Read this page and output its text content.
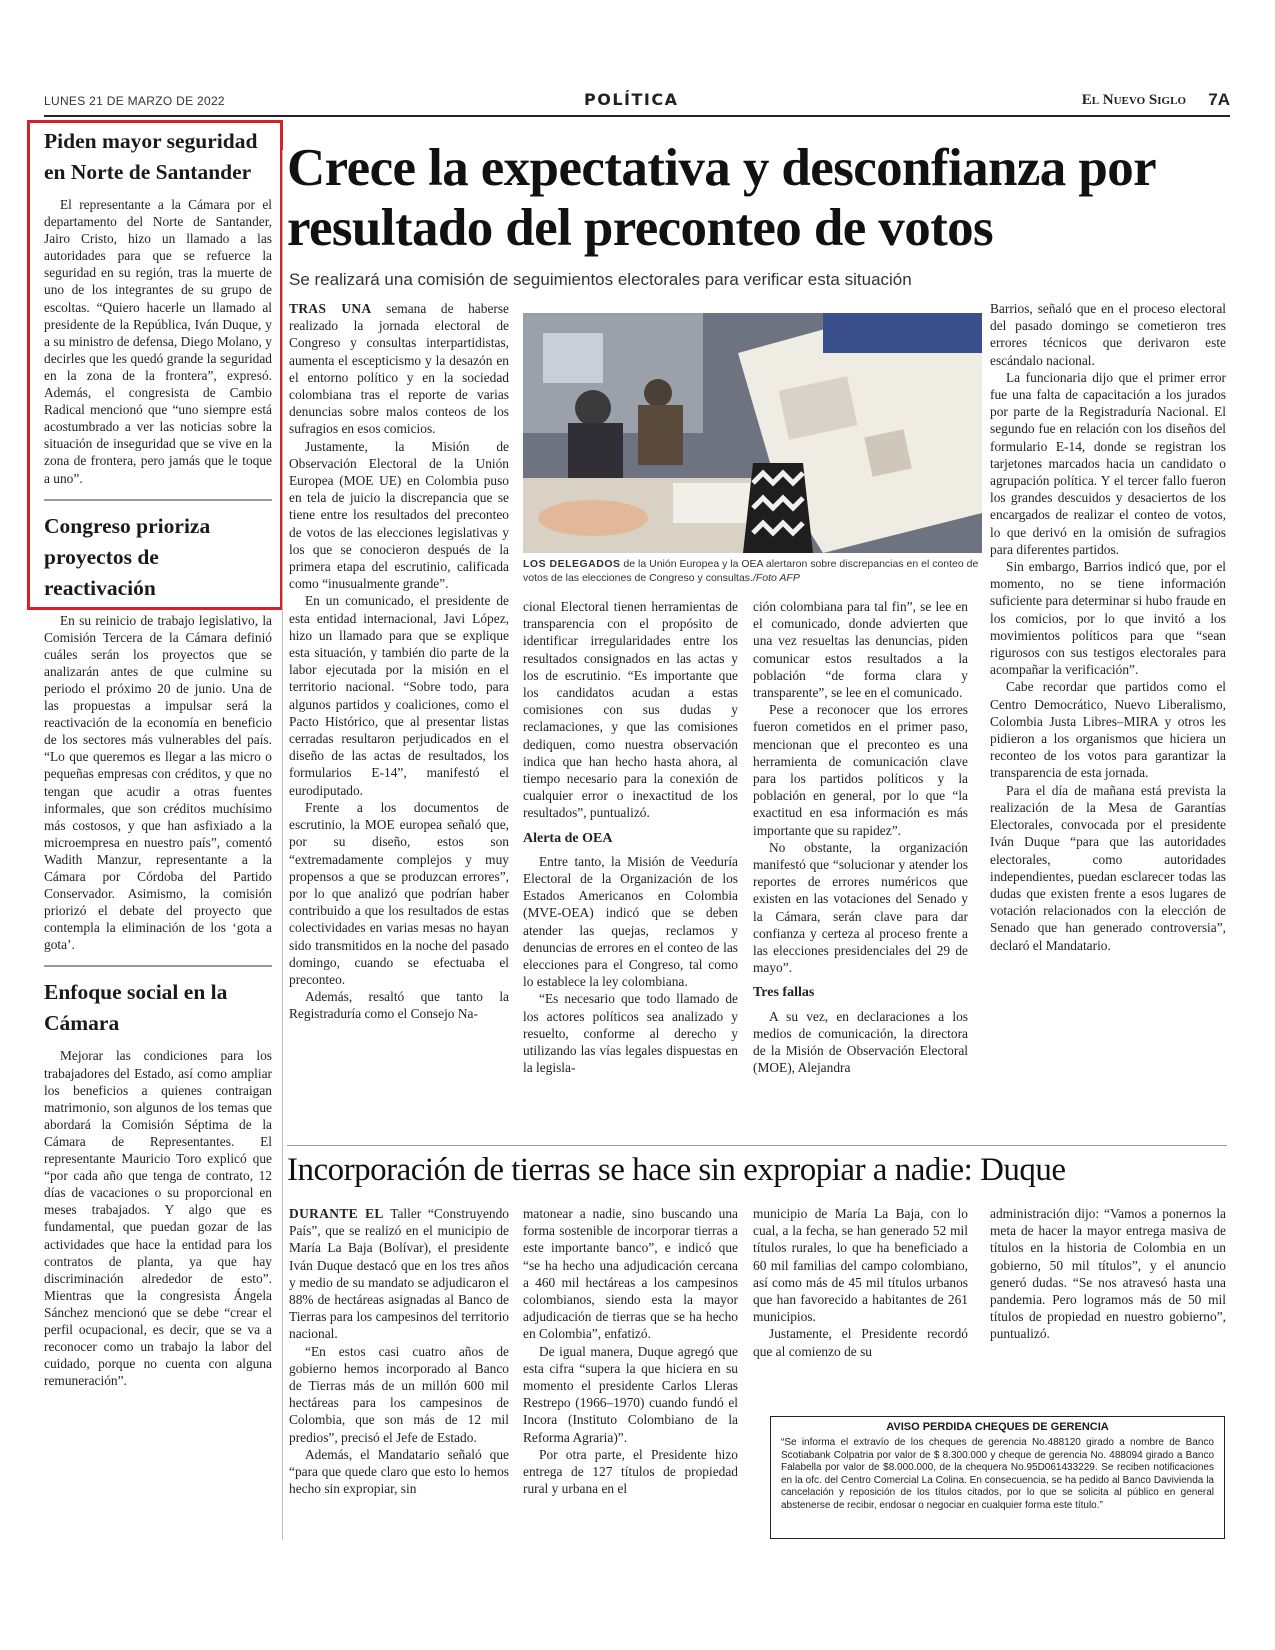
LUNES 21 DE MARZO DE 2022	POLÍTICA	El Nuevo Siglo 7A
Piden mayor seguridad en Norte de Santander
El representante a la Cámara por el departamento del Norte de Santander, Jairo Cristo, hizo un llamado a las autoridades para que se refuerce la seguridad en su región, tras la muerte de uno de los integrantes de su grupo de escoltas. “Quiero hacerle un llamado al presidente de la República, Iván Duque, y a su ministro de defensa, Diego Molano, y decirles que les quedó grande la seguridad en la zona de la frontera”, expresó. Además, el congresista de Cambio Radical mencionó que “uno siempre está acostumbrado a ver las noticias sobre la situación de inseguridad que se vive en la zona de frontera, pero jamás que le toque a uno”.
Congreso prioriza proyectos de reactivación
En su reinicio de trabajo legislativo, la Comisión Tercera de la Cámara definió cuáles serán los proyectos que se analizarán antes de que culmine su periodo el próximo 20 de junio. Una de las propuestas a impulsar será la reactivación de la economía en beneficio de los sectores más vulnerables del país. “Lo que queremos es llegar a las micro o pequeñas empresas con créditos, y que no tengan que acudir a otras fuentes informales, que son créditos muchísimo más costosos, y que han asfixiado a la microempresa en nuestro país”, comentó Wadith Manzur, representante a la Cámara por Córdoba del Partido Conservador. Asimismo, la comisión priorizó el debate del proyecto que contempla la eliminación de los ‘gota a gota’.
Enfoque social en la Cámara
Mejorar las condiciones para los trabajadores del Estado, así como ampliar los beneficios a quienes contraigan matrimonio, son algunos de los temas que abordará la Comisión Séptima de la Cámara de Representantes. El representante Mauricio Toro explicó que “por cada año que tenga de contrato, 12 días de vacaciones o su proporcional en meses trabajados. Y algo que es fundamental, que puedan gozar de las actividades que hace la entidad para los contratos de planta, ya que hay discriminación alrededor de esto”. Mientras que la congresista Ángela Sánchez mencionó que se debe “crear el perfil ocupacional, es decir, que se va a reconocer como un trabajo la labor del cuidado, porque no cuenta con alguna remuneración”.
Crece la expectativa y desconfianza por resultado del preconteo de votos
Se realizará una comisión de seguimientos electorales para verificar esta situación

TRAS UNA semana de haberse realizado la jornada electoral de Congreso y consultas interpartidistas, aumenta el escepticismo y la desazón en el entorno político y en la sociedad colombiana tras el reporte de varias denuncias sobre malos conteos de los sufragios en esos comicios.

Justamente, la Misión de Observación Electoral de la Unión Europea (MOE UE) en Colombia puso en tela de juicio la discrepancia que se tiene entre los resultados del preconteo de votos de las elecciones legislativas y los que se conocieron después de la primera etapa del escrutinio, calificada como “inusualmente grande”.

En un comunicado, el presidente de esta entidad internacional, Javi López, hizo un llamado para que se explique esta situación, y también dio parte de la labor ejecutada por la misión en el territorio nacional. “Sobre todo, para algunos partidos y coaliciones, como el Pacto Histórico, que al presentar listas cerradas resultaron perjudicados en el diseño de las actas de resultados, los formularios E-14”, manifestó el eurodiputado.

Frente a los documentos de escrutinio, la MOE europea señaló que, por su diseño, estos son “extremadamente complejos y muy propensos a que se produzcan errores”, por lo que analizó que podrían haber contribuido a que los resultados de estas colectividades en varias mesas no hayan sido transmitidos en la noche del pasado domingo, cuando se efectuaba el preconteo.

Además, resaltó que tanto la Registraduría como el Consejo Na-

LOS DELEGADOS de la Unión Europea y la OEA alertaron sobre discrepancias en el conteo de votos de las elecciones de Congreso y consultas./Foto AFP

cional Electoral tienen herramientas de transparencia con el propósito de identificar irregularidades entre los resultados consignados en las actas y los de escrutinio. “Es importante que los candidatos acudan a estas comisiones con sus dudas y reclamaciones, y que las comisiones dediquen, como nuestra observación indica que han hecho hasta ahora, al tiempo necesario para la conexión de cualquier error o inexactitud de los resultados”, puntualizó.

Alerta de OEA

Entre tanto, la Misión de Veeduría Electoral de la Organización de los Estados Americanos en Colombia (MVE-OEA) indicó que se deben atender las quejas, reclamos y denuncias de errores en el conteo de las elecciones para el Congreso, tal como lo establece la ley colombiana.

“Es necesario que todo llamado de los actores políticos sea analizado y resuelto, conforme al derecho y utilizando las vías legales dispuestas en la legisla-

ción colombiana para tal fin”, se lee en el comunicado, donde advierten que una vez resueltas las denuncias, piden comunicar estos resultados a la población “de forma clara y transparente”, se lee en el comunicado.

Pese a reconocer que los errores fueron cometidos en el primer paso, mencionan que el preconteo es una herramienta de comunicación clave para los partidos políticos y la población en general, por lo que “la exactitud en esa información es más importante que su rapidez”.

No obstante, la organización manifestó que “solucionar y atender los reportes de errores numéricos que existen en las votaciones del Senado y la Cámara, serán clave para dar confianza y certeza al proceso frente a las elecciones presidenciales del 29 de mayo”.

Tres fallas

A su vez, en declaraciones a los medios de comunicación, la directora de la Misión de Observación Electoral (MOE), Alejandra

Barrios, señaló que en el proceso electoral del pasado domingo se cometieron tres errores técnicos que derivaron este escándalo nacional.

La funcionaria dijo que el primer error fue una falta de capacitación a los jurados por parte de la Registraduría Nacional. El segundo fue en relación con los diseños del formulario E-14, donde se registran los tarjetones marcados hacia un candidato o agrupación política. Y el tercer fallo fueron los grandes descuidos y desaciertos de los encargados de realizar el conteo de votos, lo que derivó en la omisión de sufragios para diferentes partidos.

Sin embargo, Barrios indicó que, por el momento, no se tiene información suficiente para determinar si hubo fraude en los comicios, por lo que invitó a los movimientos políticos para que “sean rigurosos con sus testigos electorales para acompañar la verificación”.

Cabe recordar que partidos como el Centro Democrático, Nuevo Liberalismo, Colombia Justa Libres–MIRA y otros les pidieron a los organismos que hiciera un reconteo de los votos para garantizar la transparencia de esta jornada.

Para el día de mañana está prevista la realización de la Mesa de Garantías Electorales, convocada por el presidente Iván Duque “para que las autoridades electorales, como autoridades independientes, puedan esclarecer todas las dudas que existen frente a esos lugares de votación relacionados con la elección de Senado que han generado controversia”, declaró el Mandatario.

Incorporación de tierras se hace sin expropiar a nadie: Duque

DURANTE EL Taller “Construyendo País”, que se realizó en el municipio de María La Baja (Bolívar), el presidente Iván Duque destacó que en los tres años y medio de su mandato se adjudicaron el 88% de hectáreas asignadas al Banco de Tierras para los campesinos del territorio nacional.

“En estos casi cuatro años de gobierno hemos incorporado al Banco de Tierras más de un millón 600 mil hectáreas para los campesinos de Colombia, que son más de 12 mil predios”, precisó el Jefe de Estado.

Además, el Mandatario señaló que “para que quede claro que esto lo hemos hecho sin expropiar, sin

matonear a nadie, sino buscando una forma sostenible de incorporar tierras a este importante banco”, e indicó que “se ha hecho una adjudicación cercana a 460 mil hectáreas a los campesinos colombianos, siendo esta la mayor adjudicación de tierras que se ha hecho en Colombia”, enfatizó.

De igual manera, Duque agregó que esta cifra “supera la que hiciera en su momento el presidente Carlos Lleras Restrepo (1966–1970) cuando fundó el Incora (Instituto Colombiano de la Reforma Agraria)”.

Por otra parte, el Presidente hizo entrega de 127 títulos de propiedad rural y urbana en el

municipio de María La Baja, con lo cual, a la fecha, se han generado 52 mil títulos rurales, lo que ha beneficiado a 60 mil familias del campo colombiano, así como más de 45 mil títulos urbanos que han favorecido a habitantes de 261 municipios.

Justamente, el Presidente recordó que al comienzo de su

administración dijo: “Vamos a ponernos la meta de hacer la mayor entrega masiva de títulos en la historia de Colombia en un gobierno, 50 mil títulos”, y el anuncio generó dudas. “Se nos atravesó hasta una pandemia. Pero logramos más de 50 mil títulos de propiedad en nuestro gobierno”, puntualizó.

AVISO PERDIDA CHEQUES DE GERENCIA
“Se informa el extravío de los cheques de gerencia No.488120 girado a nombre de Banco Scotiabank Colpatria por valor de $ 8.300.000 y cheque de gerencia No. 488094 girado a Banco Falabella por valor de $8.000.000, de la chequera No.95D061433229. Se reciben notificaciones en la ofc. del Centro Comercial La Colina. En consecuencia, se ha pedido al Banco Davivienda la cancelación y reposición de los títulos citados, por lo que se solicita al público en general abstenerse de recibir, endosar o negociar en cualquier forma este título.”
